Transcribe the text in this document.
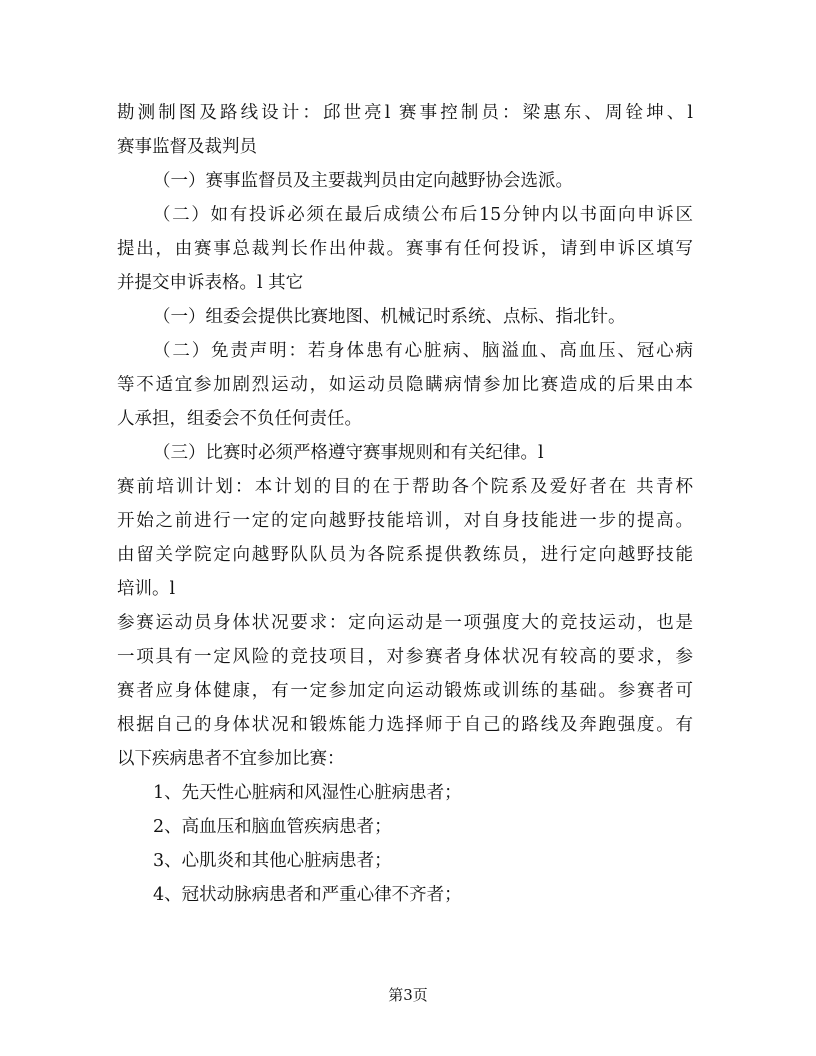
勘测制图及路线设计：邱世亮l 赛事控制员：梁惠东、周铨坤、l

赛事监督及裁判员

（一）赛事监督员及主要裁判员由定向越野协会选派。

（二）如有投诉必须在最后成绩公布后15分钟内以书面向申诉区

提出，由赛事总裁判长作出仲裁。赛事有任何投诉，请到申诉区填写

并提交申诉表格。l 其它

（一）组委会提供比赛地图、机械记时系统、点标、指北针。

（二）免责声明：若身体患有心脏病、脑溢血、高血压、冠心病

等不适宜参加剧烈运动，如运动员隐瞒病情参加比赛造成的后果由本

人承担，组委会不负任何责任。

（三）比赛时必须严格遵守赛事规则和有关纪律。l

赛前培训计划：本计划的目的在于帮助各个院系及爱好者在 共青杯

开始之前进行一定的定向越野技能培训，对自身技能进一步的提高。

由留关学院定向越野队队员为各院系提供教练员，进行定向越野技能

培训。l

参赛运动员身体状况要求：定向运动是一项强度大的竞技运动，也是

一项具有一定风险的竞技项目，对参赛者身体状况有较高的要求，参

赛者应身体健康，有一定参加定向运动锻炼或训练的基础。参赛者可

根据自己的身体状况和锻炼能力选择师于自己的路线及奔跑强度。有

以下疾病患者不宜参加比赛：

1、先天性心脏病和风湿性心脏病患者；

2、高血压和脑血管疾病患者；

3、心肌炎和其他心脏病患者；

4、冠状动脉病患者和严重心律不齐者；

第3页
